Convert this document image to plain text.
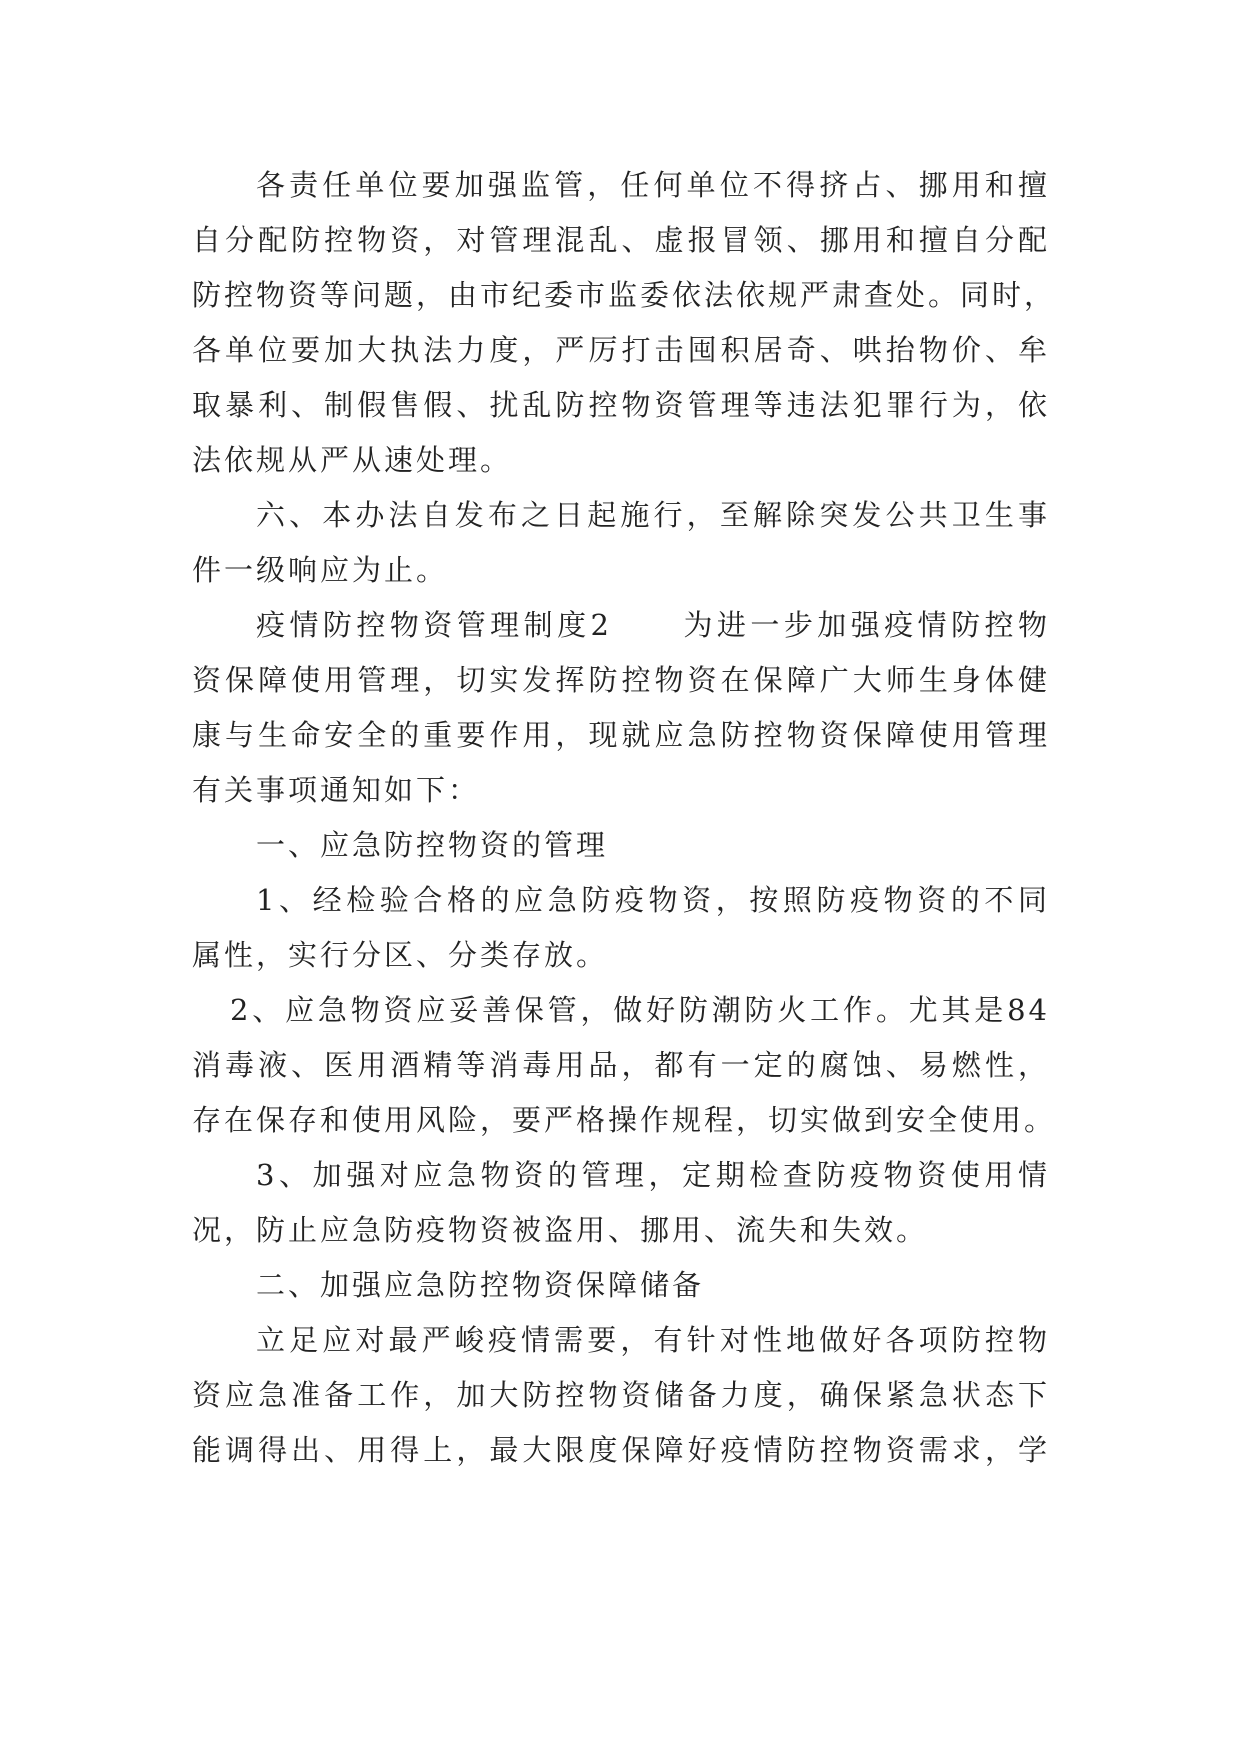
各责任单位要加强监管，任何单位不得挤占、挪用和擅
自分配防控物资，对管理混乱、虚报冒领、挪用和擅自分配
防控物资等问题，由市纪委市监委依法依规严肃查处。同时，
各单位要加大执法力度，严厉打击囤积居奇、哄抬物价、牟
取暴利、制假售假、扰乱防控物资管理等违法犯罪行为，依
法依规从严从速处理。
六、本办法自发布之日起施行，至解除突发公共卫生事
件一级响应为止。
疫情防控物资管理制度2 为进一步加强疫情防控物
资保障使用管理，切实发挥防控物资在保障广大师生身体健
康与生命安全的重要作用，现就应急防控物资保障使用管理
有关事项通知如下：
一、应急防控物资的管理
1、经检验合格的应急防疫物资，按照防疫物资的不同
属性，实行分区、分类存放。
2、应急物资应妥善保管，做好防潮防火工作。尤其是84
消毒液、医用酒精等消毒用品，都有一定的腐蚀、易燃性，
存在保存和使用风险，要严格操作规程，切实做到安全使用。
3、加强对应急物资的管理，定期检查防疫物资使用情
况，防止应急防疫物资被盗用、挪用、流失和失效。
二、加强应急防控物资保障储备
立足应对最严峻疫情需要，有针对性地做好各项防控物
资应急准备工作，加大防控物资储备力度，确保紧急状态下
能调得出、用得上，最大限度保障好疫情防控物资需求，学
